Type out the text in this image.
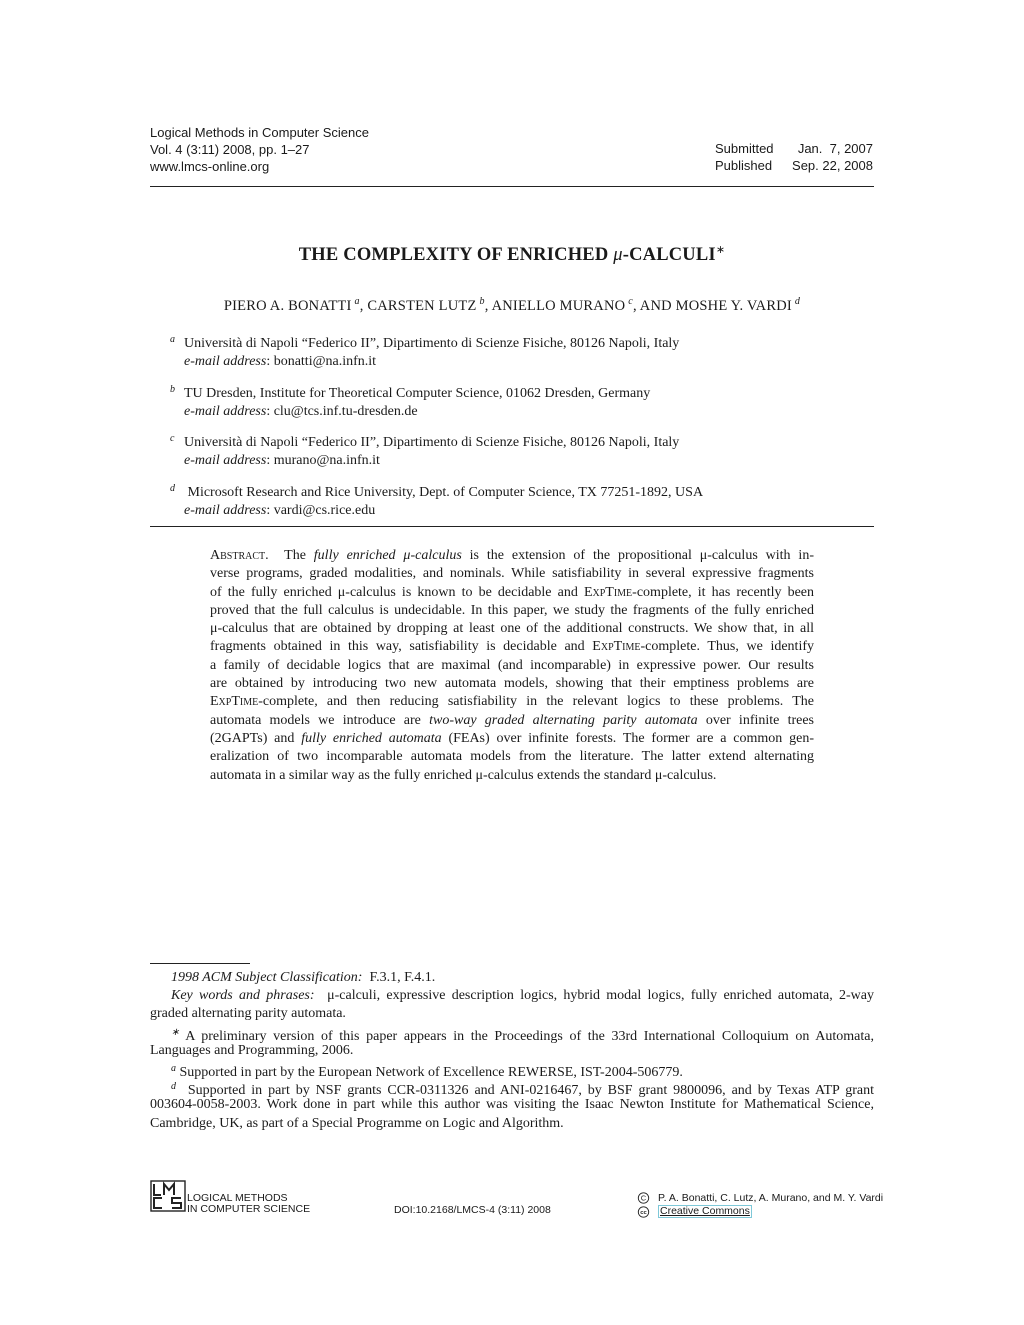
Logical Methods in Computer Science
Vol. 4 (3:11) 2008, pp. 1–27
www.lmcs-online.org
Submitted	Jan.  7, 2007
Published Sep. 22, 2008
THE COMPLEXITY OF ENRICHED μ-CALCULI∗
PIERO A. BONATTI $^a$, CARSTEN LUTZ $^b$, ANIELLO MURANO $^c$, AND MOSHE Y. VARDI $^d$
a Università di Napoli “Federico II”, Dipartimento di Scienze Fisiche, 80126 Napoli, Italy
e-mail address: bonatti@na.infn.it
b TU Dresden, Institute for Theoretical Computer Science, 01062 Dresden, Germany
e-mail address: clu@tcs.inf.tu-dresden.de
c Università di Napoli “Federico II”, Dipartimento di Scienze Fisiche, 80126 Napoli, Italy
e-mail address: murano@na.infn.it
d Microsoft Research and Rice University, Dept. of Computer Science, TX 77251-1892, USA
e-mail address: vardi@cs.rice.edu
Abstract.  The fully enriched μ-calculus is the extension of the propositional μ-calculus with in-
verse programs, graded modalities, and nominals. While satisfiability in several expressive fragments
of the fully enriched μ-calculus is known to be decidable and ExpTime-complete, it has recently been
proved that the full calculus is undecidable. In this paper, we study the fragments of the fully enriched
μ-calculus that are obtained by dropping at least one of the additional constructs. We show that, in all
fragments obtained in this way, satisfiability is decidable and ExpTime-complete. Thus, we identify
a family of decidable logics that are maximal (and incomparable) in expressive power. Our results
are obtained by introducing two new automata models, showing that their emptiness problems are
ExpTime-complete, and then reducing satisfiability in the relevant logics to these problems. The
automata models we introduce are two-way graded alternating parity automata over infinite trees
(2GAPTs) and fully enriched automata (FEAs) over infinite forests. The former are a common gen-
eralization of two incomparable automata models from the literature. The latter extend alternating
automata in a similar way as the fully enriched μ-calculus extends the standard μ-calculus.
1998 ACM Subject Classification:  F.3.1, F.4.1.
Key words and phrases:  μ-calculi, expressive description logics, hybrid modal logics, fully enriched automata, 2-way
graded alternating parity automata.
∗ A preliminary version of this paper appears in the Proceedings of the 33rd International Colloquium on Automata,
Languages and Programming, 2006.
$^a$ Supported in part by the European Network of Excellence REWERSE, IST-2004-506779.
$^d$  Supported in part by NSF grants CCR-0311326 and ANI-0216467, by BSF grant 9800096, and by Texas ATP grant
003604-0058-2003. Work done in part while this author was visiting the Isaac Newton Institute for Mathematical Science,
Cambridge, UK, as part of a Special Programme on Logic and Algorithm.
LOGICAL METHODS
IN COMPUTER SCIENCE	DOI:10.2168/LMCS-4 (3:11) 2008
C P. A. Bonatti, C. Lutz, A. Murano, and M. Y. Vardi
cc Creative Commons
